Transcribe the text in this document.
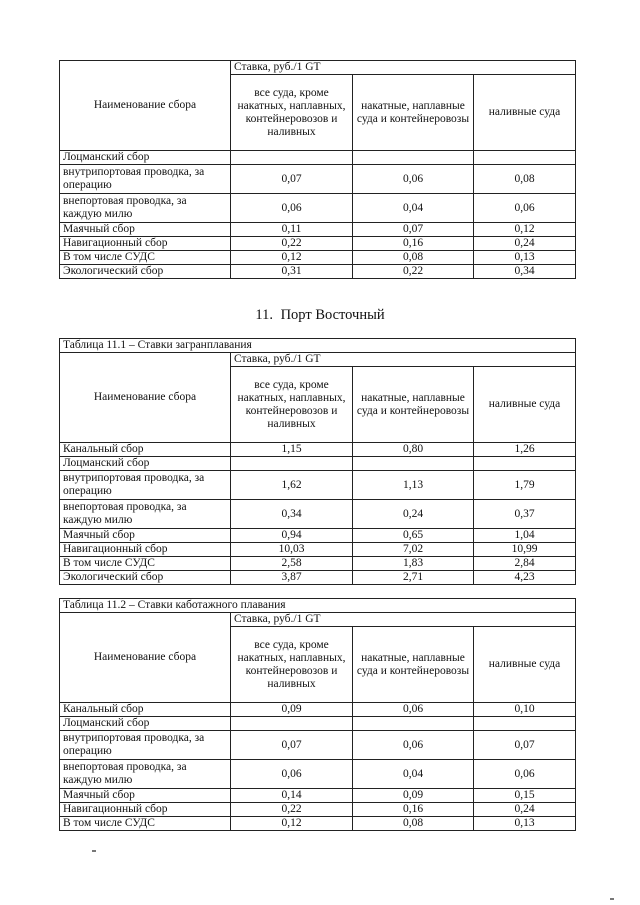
Наименование сбора	Ставка, руб./1 GT		
	все суда, кроме накатных, наплавных, контейнеровозов и наливных	накатные, наплавные суда и контейнеровозы	наливные суда
Лоцманский сбор			
внутрипортовая проводка, за операцию	0,07	0,06	0,08
внепортовая проводка, за каждую милю	0,06	0,04	0,06
Маячный сбор	0,11	0,07	0,12
Навигационный сбор	0,22	0,16	0,24
В том числе СУДС	0,12	0,08	0,13
Экологический сбор	0,31	0,22	0,34
11. Порт Восточный
Таблица 11.1 – Ставки загранплавания			
Наименование сбора	Ставка, руб./1 GT		
	все суда, кроме накатных, наплавных, контейнеровозов и наливных	накатные, наплавные суда и контейнеровозы	наливные суда
Канальный сбор	1,15	0,80	1,26
Лоцманский сбор			
внутрипортовая проводка, за операцию	1,62	1,13	1,79
внепортовая проводка, за каждую милю	0,34	0,24	0,37
Маячный сбор	0,94	0,65	1,04
Навигационный сбор	10,03	7,02	10,99
В том числе СУДС	2,58	1,83	2,84
Экологический сбор	3,87	2,71	4,23
Таблица 11.2 – Ставки каботажного плавания			
Наименование сбора	Ставка, руб./1 GT		
	все суда, кроме накатных, наплавных, контейнеровозов и наливных	накатные, наплавные суда и контейнеровозы	наливные суда
Канальный сбор	0,09	0,06	0,10
Лоцманский сбор			
внутрипортовая проводка, за операцию	0,07	0,06	0,07
внепортовая проводка, за каждую милю	0,06	0,04	0,06
Маячный сбор	0,14	0,09	0,15
Навигационный сбор	0,22	0,16	0,24
В том числе СУДС	0,12	0,08	0,13
